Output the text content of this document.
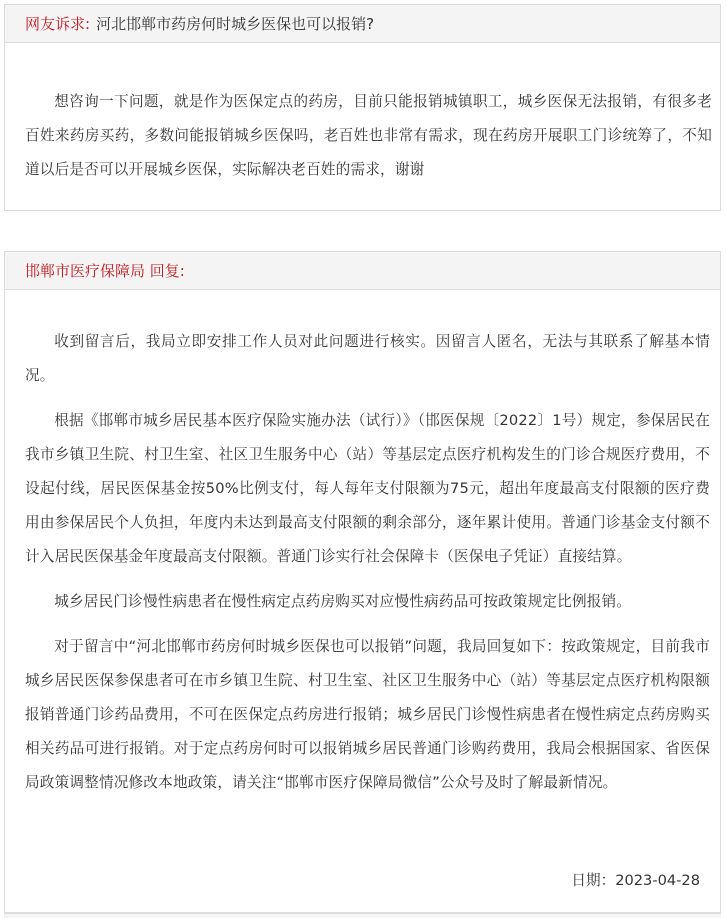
网友诉求: 河北邯郸市药房何时城乡医保也可以报销?

想咨询一下问题，就是作为医保定点的药房，目前只能报销城镇职工，城乡医保无法报销，有很多老百姓来药房买药，多数问能报销城乡医保吗，老百姓也非常有需求，现在药房开展职工门诊统筹了，不知道以后是否可以开展城乡医保，实际解决老百姓的需求，谢谢

邯郸市医疗保障局 回复:

收到留言后，我局立即安排工作人员对此问题进行核实。因留言人匿名，无法与其联系了解基本情况。

根据《邯郸市城乡居民基本医疗保险实施办法（试行）》（邯医保规〔2022〕1号）规定，参保居民在我市乡镇卫生院、村卫生室、社区卫生服务中心（站）等基层定点医疗机构发生的门诊合规医疗费用，不设起付线，居民医保基金按50%比例支付，每人每年支付限额为75元，超出年度最高支付限额的医疗费用由参保居民个人负担，年度内未达到最高支付限额的剩余部分，逐年累计使用。普通门诊基金支付额不计入居民医保基金年度最高支付限额。普通门诊实行社会保障卡（医保电子凭证）直接结算。

城乡居民门诊慢性病患者在慢性病定点药房购买对应慢性病药品可按政策规定比例报销。

对于留言中“河北邯郸市药房何时城乡医保也可以报销”问题，我局回复如下：按政策规定，目前我市城乡居民医保参保患者可在市乡镇卫生院、村卫生室、社区卫生服务中心（站）等基层定点医疗机构限额报销普通门诊药品费用，不可在医保定点药房进行报销；城乡居民门诊慢性病患者在慢性病定点药房购买相关药品可进行报销。对于定点药房何时可以报销城乡居民普通门诊购药费用，我局会根据国家、省医保局政策调整情况修改本地政策，请关注“邯郸市医疗保障局微信”公众号及时了解最新情况。

日期：2023-04-28
